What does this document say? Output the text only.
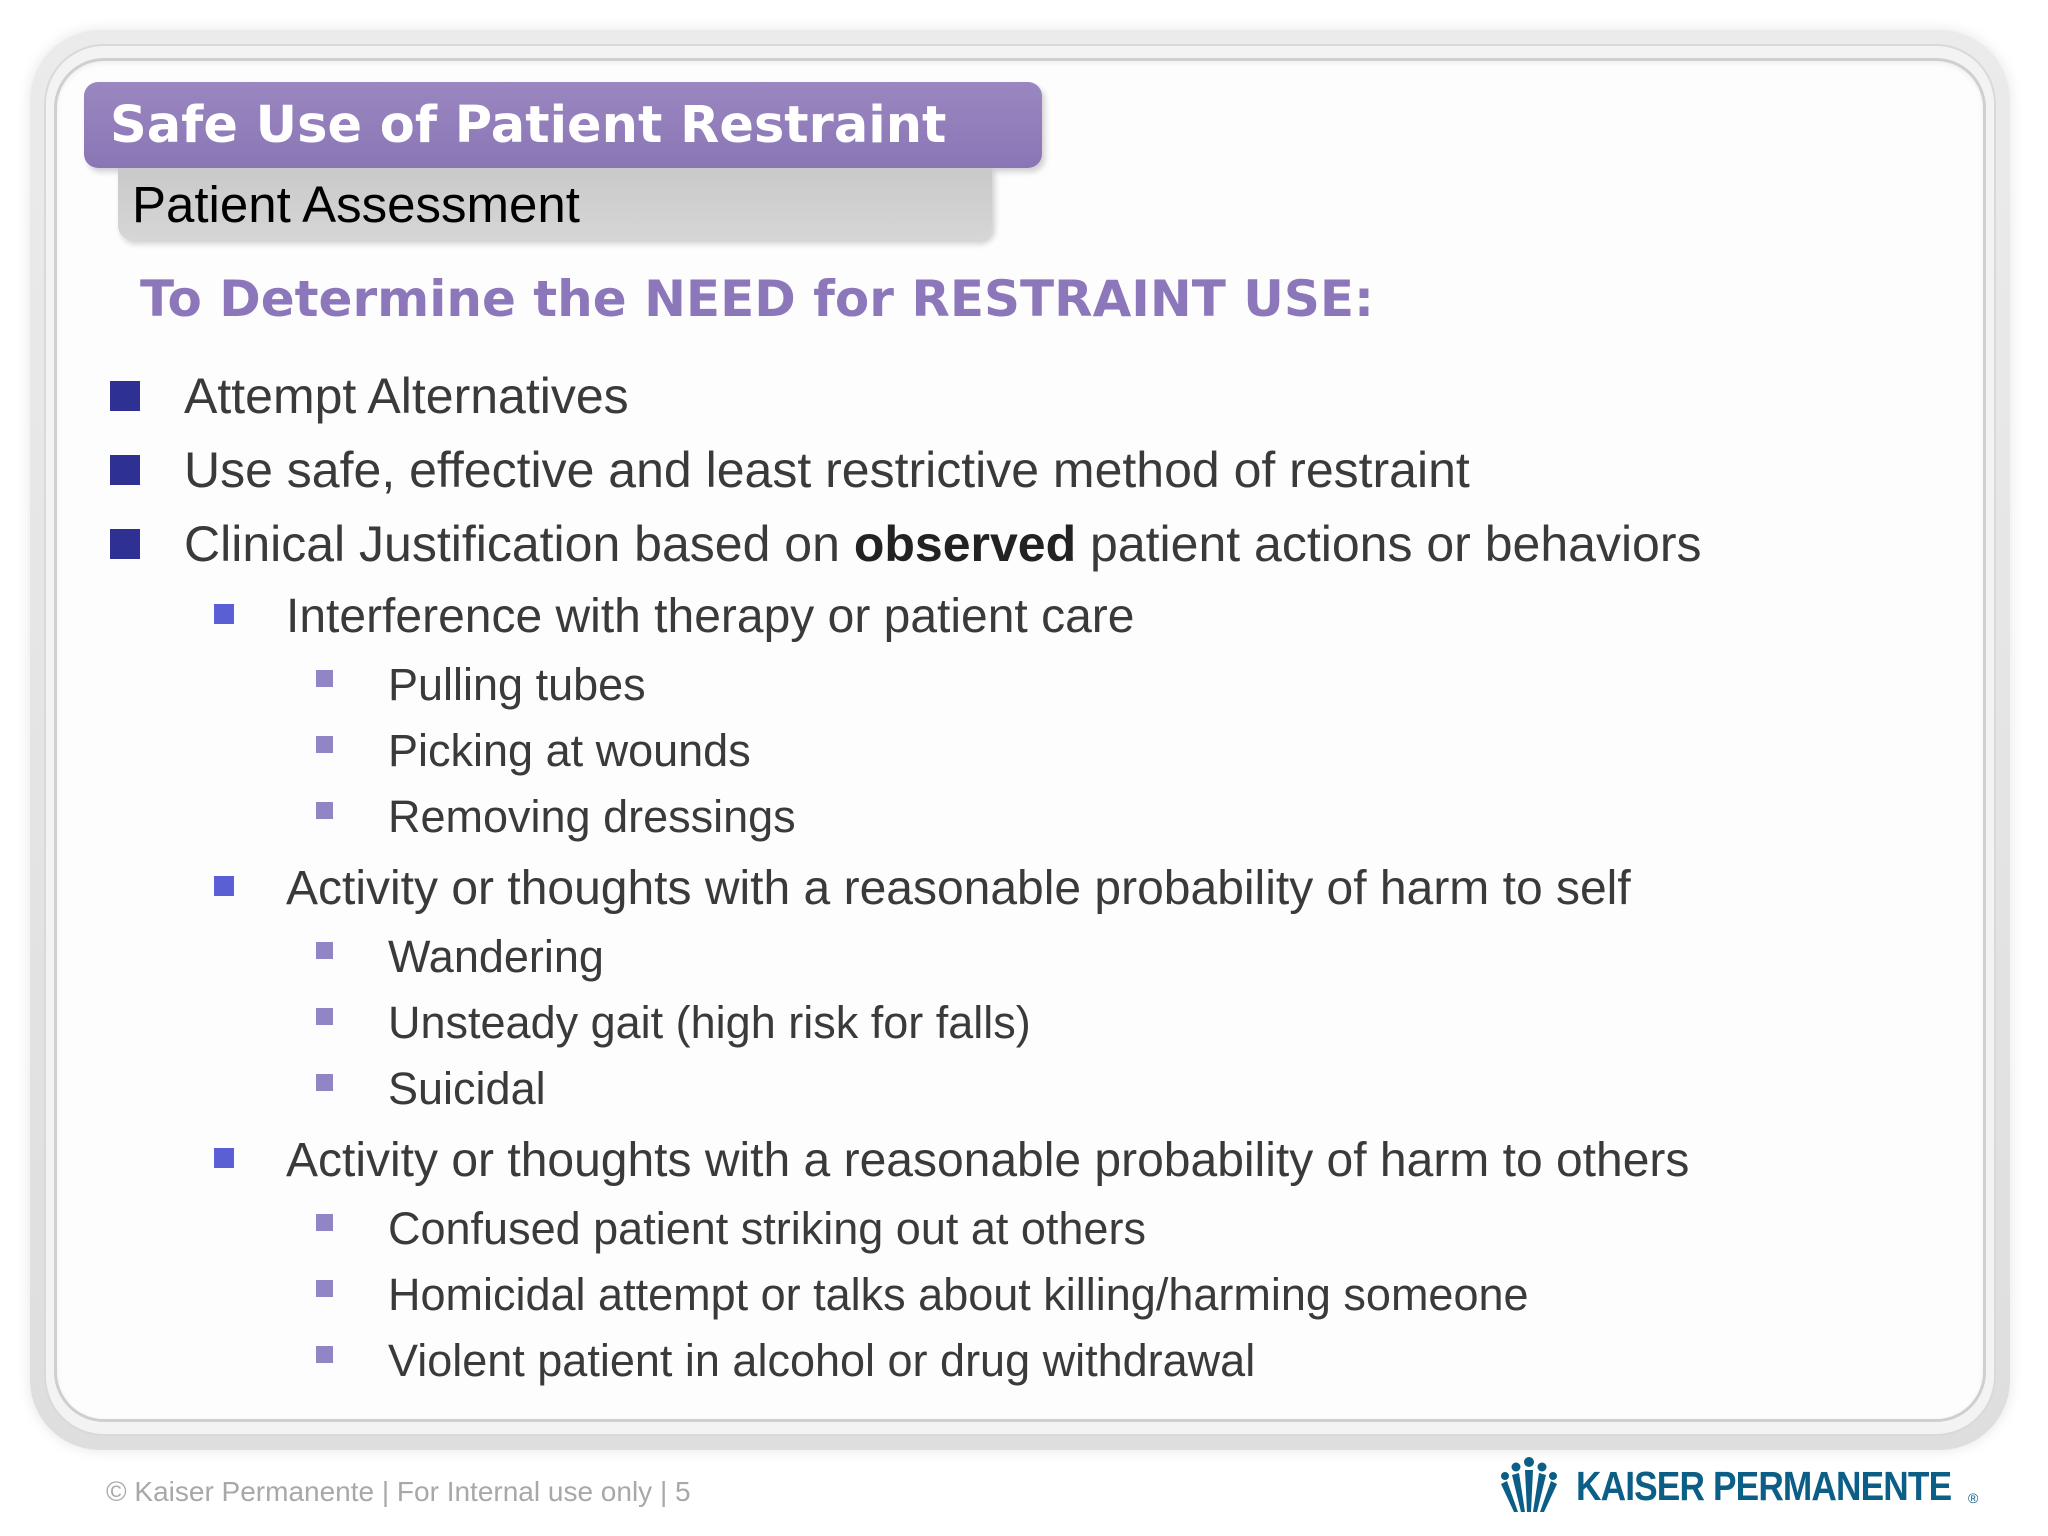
Safe Use of Patient Restraint
Patient Assessment
To Determine the NEED for RESTRAINT USE:
Attempt Alternatives
Use safe, effective and least restrictive method of restraint
Clinical Justification based on observed patient actions or behaviors
Interference with therapy or patient care
Pulling tubes
Picking at wounds
Removing dressings
Activity or thoughts with a reasonable probability of harm to self
Wandering
Unsteady gait (high risk for falls)
Suicidal
Activity or thoughts with a reasonable probability of harm to others
Confused patient striking out at others
Homicidal attempt or talks about killing/harming someone
Violent patient in alcohol or drug withdrawal
© Kaiser Permanente | For Internal use only | 5	KAISER PERMANENTE ®
